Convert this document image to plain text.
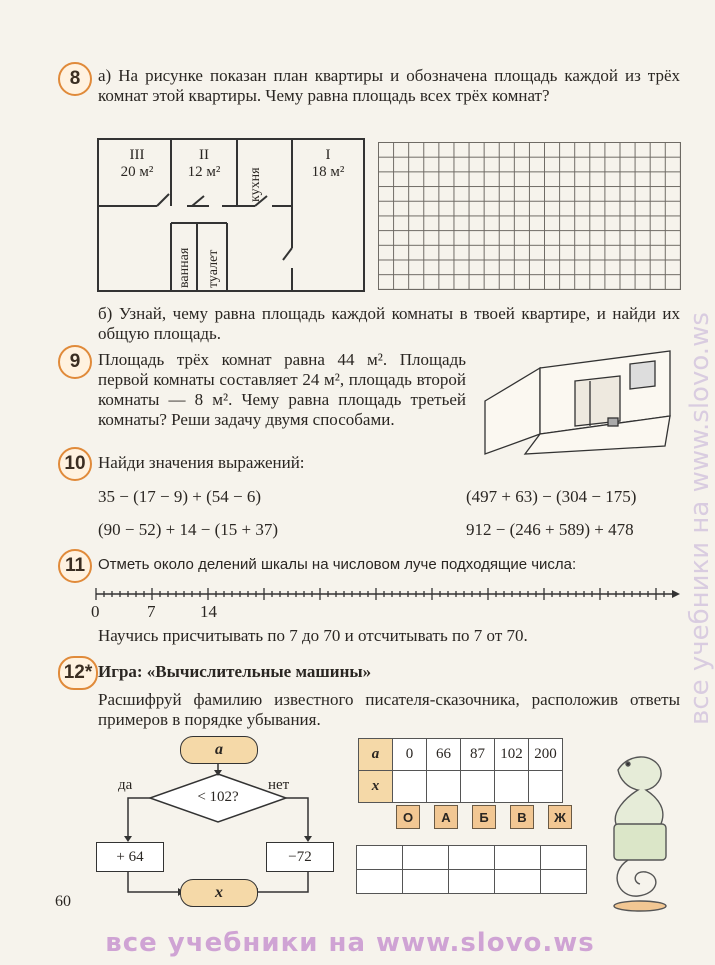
все учебники на www.slovo.ws
8	а) На рисунке показан план квартиры и обозначена площадь каждой из трёх комнат этой квартиры. Чему равна площадь всех трёх комнат?
III
20 м²
II
12 м²
I
18 м²
кухня
ванная туалет
б) Узнай, чему равна площадь каждой комнаты в твоей квартире, и найди их общую площадь.
9	Площадь трёх комнат равна 44 м². Площадь первой комнаты составляет 24 м², площадь второй комнаты — 8 м². Чему равна площадь третьей комнаты? Реши задачу двумя способами.
10 Найди значения выражений:
35 − (17 − 9) + (54 − 6)	(497 + 63) − (304 − 175)
(90 − 52) + 14 − (15 + 37)	912 − (246 + 589) + 478
11 Отметь около делений шкалы на числовом луче подходящие числа:
0	7	14
Научись присчитывать по 7 до 70 и отсчитывать по 7 от 70.
12* Игра: «Вычислительные машины»
Расшифруй фамилию известного писателя-сказочника, расположив ответы примеров в порядке убывания.
a
< 102?
да	нет
+ 64	−72
x
a	0	66	87	102	200
x					
О	А	Б	В	Ж

60
все учебники на www.slovo.ws
